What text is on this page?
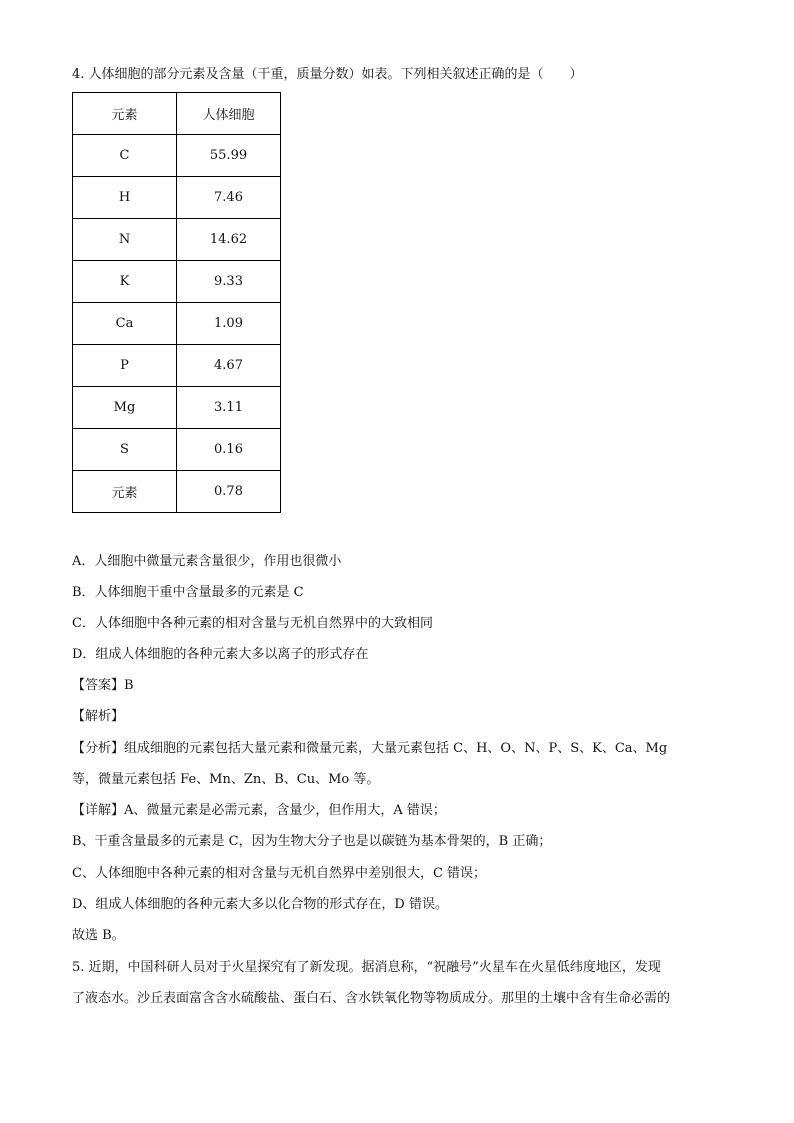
4. 人体细胞的部分元素及含量（干重，质量分数）如表。下列相关叙述正确的是（　　）
元素	人体细胞
C	55.99
H	7.46
N	14.62
K	9.33
Ca	1.09
P	4.67
Mg	3.11
S	0.16
元素	0.78
A．人细胞中微量元素含量很少，作用也很微小
B．人体细胞干重中含量最多的元素是 C
C．人体细胞中各种元素的相对含量与无机自然界中的大致相同
D．组成人体细胞的各种元素大多以离子的形式存在
【答案】B
【解析】
【分析】组成细胞的元素包括大量元素和微量元素，大量元素包括 C、H、O、N、P、S、K、Ca、Mg
等，微量元素包括 Fe、Mn、Zn、B、Cu、Mo 等。
【详解】A、微量元素是必需元素，含量少，但作用大，A 错误；
B、干重含量最多的元素是 C，因为生物大分子也是以碳链为基本骨架的，B 正确；
C、人体细胞中各种元素的相对含量与无机自然界中差别很大，C 错误；
D、组成人体细胞的各种元素大多以化合物的形式存在，D 错误。
故选 B。
5. 近期，中国科研人员对于火星探究有了新发现。据消息称，“祝融号”火星车在火星低纬度地区，发现
了液态水。沙丘表面富含含水硫酸盐、蛋白石、含水铁氧化物等物质成分。那里的土壤中含有生命必需的
